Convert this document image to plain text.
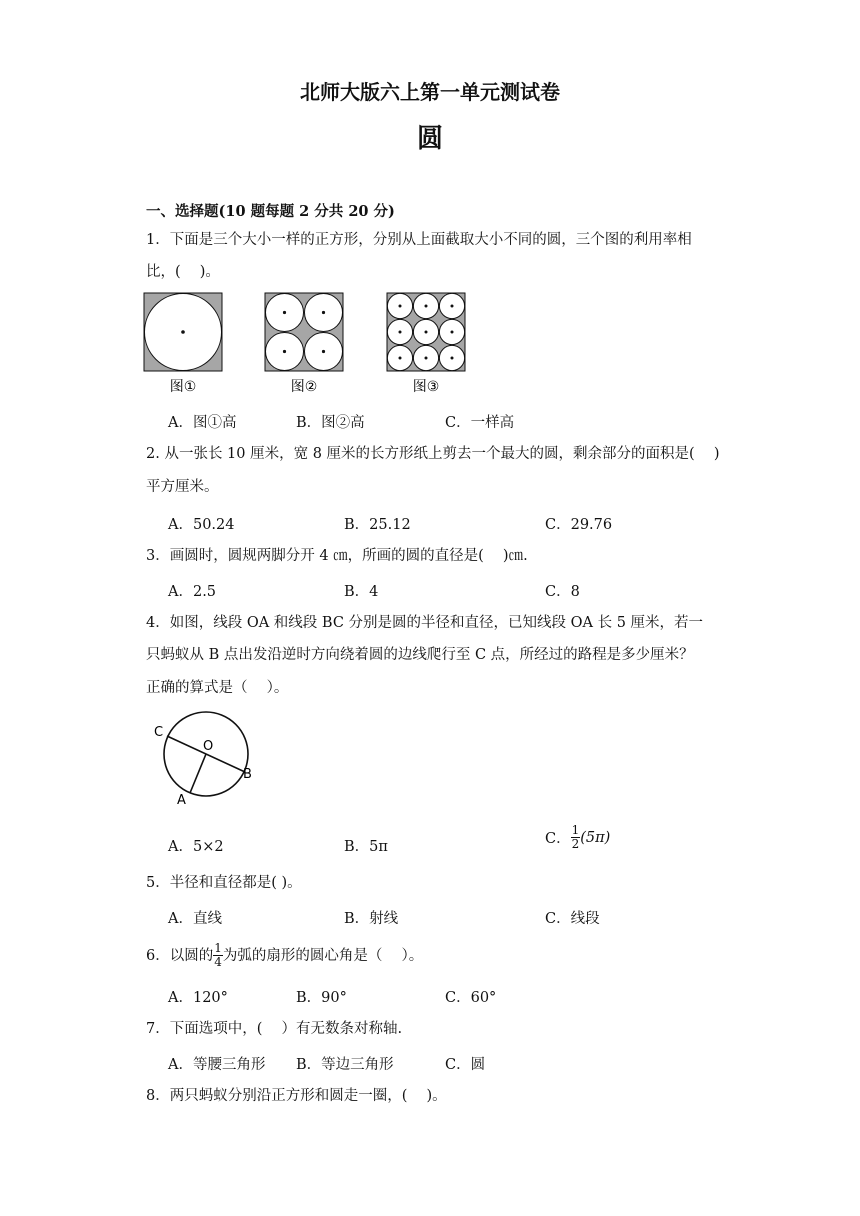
北师大版六上第一单元测试卷
圆
一、选择题(10 题每题 2 分共 20 分)
1．下面是三个大小一样的正方形，分别从上面截取大小不同的圆，三个图的利用率相
比，(　 )。
图①	图②	图③
A．图①高	B．图②高	C．一样高
2. 从一张长 10 厘米，宽 8 厘米的长方形纸上剪去一个最大的圆，剩余部分的面积是(　 )
平方厘米。
A．50.24	B．25.12	C．29.76
3．画圆时，圆规两脚分开 4 ㎝，所画的圆的直径是(　 )㎝.
A．2.5	B．4	C．8
4．如图，线段 OA 和线段 BC 分别是圆的半径和直径，已知线段 OA 长 5 厘米，若一
只蚂蚁从 B 点出发沿逆时方向绕着圆的边线爬行至 C 点，所经过的路程是多少厘米？
正确的算式是（　 ）。
C
O
B
A
A．5×2	B．5π	C． $\frac{1}{2} (5\pi)$
5．半径和直径都是( )。
A．直线	B．射线	C．线段
6．以圆的 $\frac{1}{4}$ 为弧的扇形的圆心角是（　 ）。
A．120°	B．90°	C．60°
7．下面选项中，(　 ）有无数条对称轴.
A．等腰三角形 B．等边三角形	C．圆
8．两只蚂蚁分别沿正方形和圆走一圈，(　 )。
